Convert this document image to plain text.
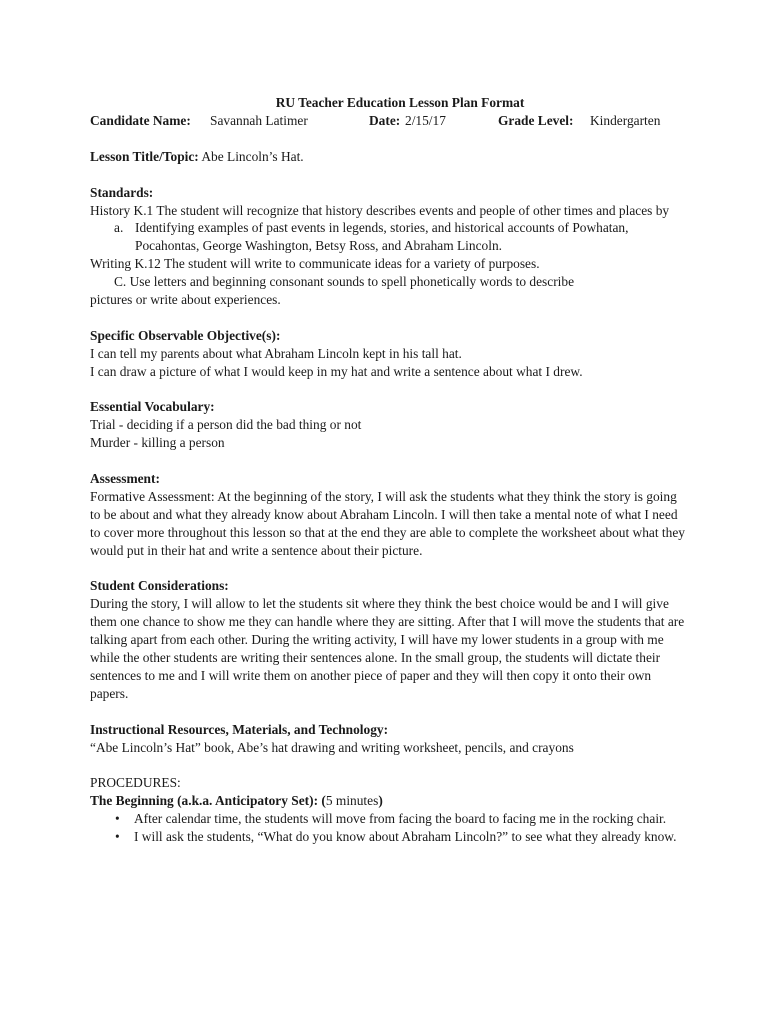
RU Teacher Education Lesson Plan Format
Candidate Name: Savannah Latimer	Date: 2/15/17	Grade Level: Kindergarten
Lesson Title/Topic: Abe Lincoln’s Hat.
Standards:
History K.1 The student will recognize that history describes events and people of other times and places by
a. Identifying examples of past events in legends, stories, and historical accounts of Powhatan, Pocahontas, George Washington, Betsy Ross, and Abraham Lincoln.
Writing K.12 The student will write to communicate ideas for a variety of purposes.
C. Use letters and beginning consonant sounds to spell phonetically words to describe
pictures or write about experiences.
Specific Observable Objective(s):
I can tell my parents about what Abraham Lincoln kept in his tall hat.
I can draw a picture of what I would keep in my hat and write a sentence about what I drew.
Essential Vocabulary:
Trial - deciding if a person did the bad thing or not
Murder - killing a person
Assessment:
Formative Assessment: At the beginning of the story, I will ask the students what they think the story is going to be about and what they already know about Abraham Lincoln. I will then take a mental note of what I need to cover more throughout this lesson so that at the end they are able to complete the worksheet about what they would put in their hat and write a sentence about their picture.
Student Considerations:
During the story, I will allow to let the students sit where they think the best choice would be and I will give them one chance to show me they can handle where they are sitting. After that I will move the students that are talking apart from each other. During the writing activity, I will have my lower students in a group with me while the other students are writing their sentences alone. In the small group, the students will dictate their sentences to me and I will write them on another piece of paper and they will then copy it onto their own papers.
Instructional Resources, Materials, and Technology:
“Abe Lincoln’s Hat” book, Abe’s hat drawing and writing worksheet, pencils, and crayons
PROCEDURES:
The Beginning (a.k.a. Anticipatory Set): (5 minutes)
• After calendar time, the students will move from facing the board to facing me in the rocking chair.
• I will ask the students, “What do you know about Abraham Lincoln?” to see what they already know.
